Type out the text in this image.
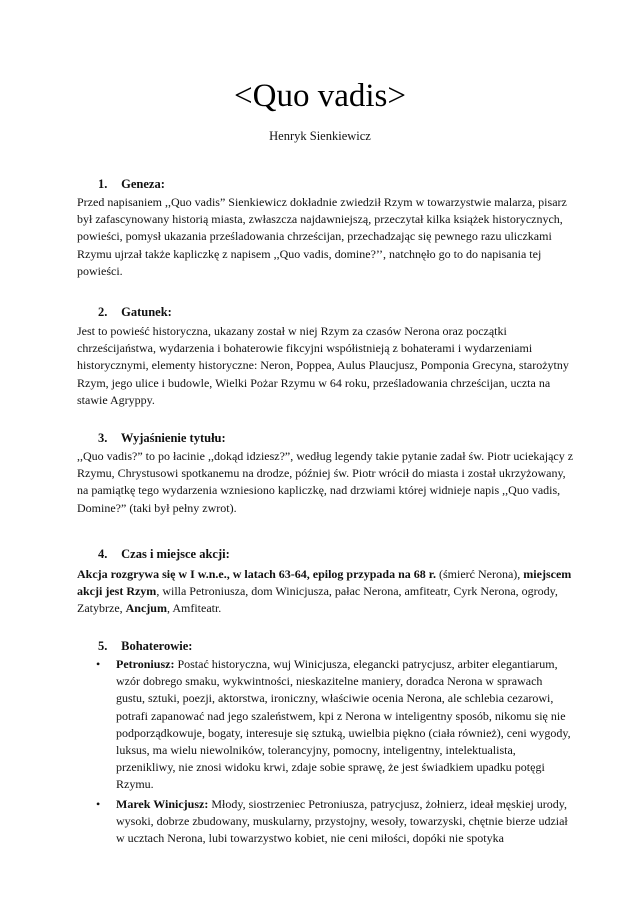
<Quo vadis>
Henryk Sienkiewicz
1. Geneza:
Przed napisaniem ,,Quo vadis” Sienkiewicz dokładnie zwiedził Rzym w towarzystwie malarza, pisarz był zafascynowany historią miasta, zwłaszcza najdawniejszą, przeczytał kilka książek historycznych, powieści, pomysł ukazania prześladowania chrześcijan, przechadzając się pewnego razu uliczkami Rzymu ujrzał także kapliczkę z napisem ,,Quo vadis, domine?’’, natchnęło go to do napisania tej powieści.
2. Gatunek:
Jest to powieść historyczna, ukazany został w niej Rzym za czasów Nerona oraz początki chrześcijaństwa, wydarzenia i bohaterowie fikcyjni współistnieją z bohaterami i wydarzeniami historycznymi, elementy historyczne: Neron, Poppea, Aulus Plaucjusz, Pomponia Grecyna, starożytny Rzym, jego ulice i budowle, Wielki Pożar Rzymu w 64 roku, prześladowania chrześcijan, uczta na stawie Agryppy.
3. Wyjaśnienie tytułu:
,,Quo vadis?” to po łacinie ,,dokąd idziesz?”, według legendy takie pytanie zadał św. Piotr uciekający z Rzymu, Chrystusowi spotkanemu na drodze, później św. Piotr wrócił do miasta i został ukrzyżowany, na pamiątkę tego wydarzenia wzniesiono kapliczkę, nad drzwiami której widnieje napis ,,Quo vadis, Domine?” (taki był pełny zwrot).
4. Czas i miejsce akcji:
Akcja rozgrywa się w I w.n.e., w latach 63-64, epilog przypada na 68 r. (śmierć Nerona), miejscem akcji jest Rzym, willa Petroniusza, dom Winicjusza, pałac Nerona, amfiteatr, Cyrk Nerona, ogrody, Zatybrze, Ancjum, Amfiteatr.
5. Bohaterowie:
• Petroniusz: Postać historyczna, wuj Winicjusza, elegancki patrycjusz, arbiter elegantiarum, wzór dobrego smaku, wykwintności, nieskazitelne maniery, doradca Nerona w sprawach gustu, sztuki, poezji, aktorstwa, ironiczny, właściwie ocenia Nerona, ale schlebia cezarowi, potrafi zapanować nad jego szaleństwem, kpi z Nerona w inteligentny sposób, nikomu się nie podporządkowuje, bogaty, interesuje się sztuką, uwielbia piękno (ciała również), ceni wygody, luksus, ma wielu niewolników, tolerancyjny, pomocny, inteligentny, intelektualista, przenikliwy, nie znosi widoku krwi, zdaje sobie sprawę, że jest świadkiem upadku potęgi Rzymu.
• Marek Winicjusz: Młody, siostrzeniec Petroniusza, patrycjusz, żołnierz, ideał męskiej urody, wysoki, dobrze zbudowany, muskularny, przystojny, wesoły, towarzyski, chętnie bierze udział w ucztach Nerona, lubi towarzystwo kobiet, nie ceni miłości, dopóki nie spotyka
